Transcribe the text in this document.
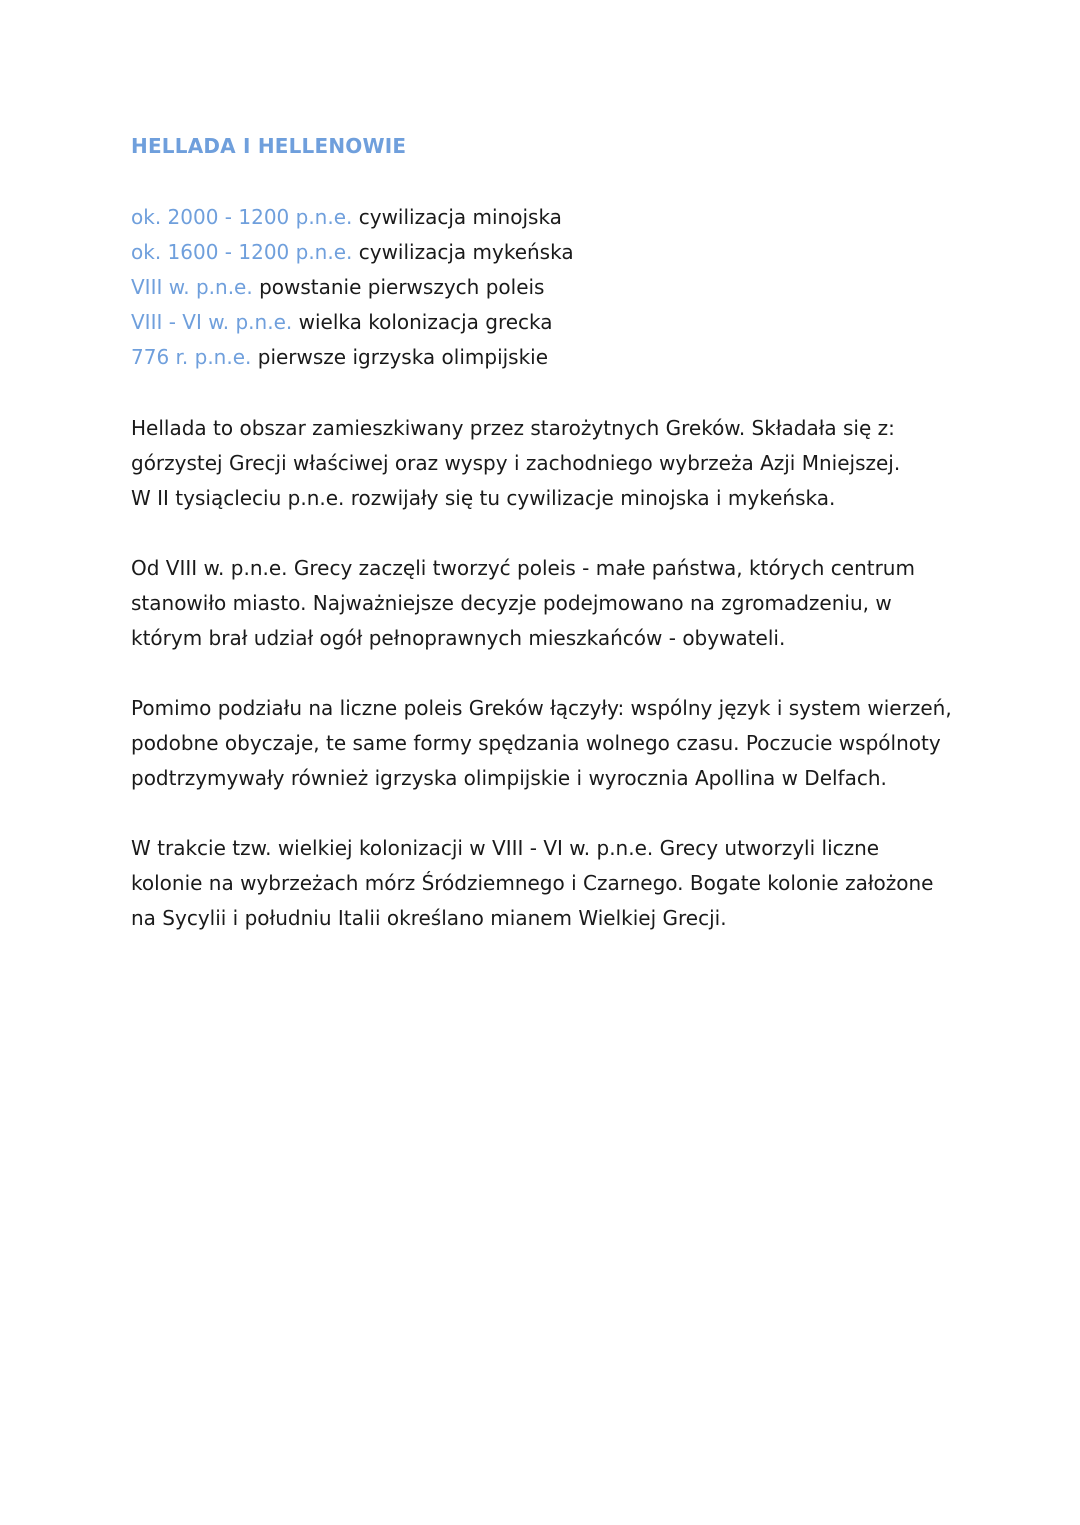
HELLADA I HELLENOWIE
ok. 2000 - 1200 p.n.e. cywilizacja minojska
ok. 1600 - 1200 p.n.e. cywilizacja mykeńska
VIII w. p.n.e. powstanie pierwszych poleis
VIII - VI w. p.n.e. wielka kolonizacja grecka
776 r. p.n.e. pierwsze igrzyska olimpijskie

Hellada to obszar zamieszkiwany przez starożytnych Greków. Składała się z:
górzystej Grecji właściwej oraz wyspy i zachodniego wybrzeża Azji Mniejszej.
W II tysiącleciu p.n.e. rozwijały się tu cywilizacje minojska i mykeńska.

Od VIII w. p.n.e. Grecy zaczęli tworzyć poleis - małe państwa, których centrum
stanowiło miasto. Najważniejsze decyzje podejmowano na zgromadzeniu, w
którym brał udział ogół pełnoprawnych mieszkańców - obywateli.

Pomimo podziału na liczne poleis Greków łączyły: wspólny język i system wierzeń,
podobne obyczaje, te same formy spędzania wolnego czasu. Poczucie wspólnoty
podtrzymywały również igrzyska olimpijskie i wyrocznia Apollina w Delfach.

W trakcie tzw. wielkiej kolonizacji w VIII - VI w. p.n.e. Grecy utworzyli liczne
kolonie na wybrzeżach mórz Śródziemnego i Czarnego. Bogate kolonie założone
na Sycylii i południu Italii określano mianem Wielkiej Grecji.
